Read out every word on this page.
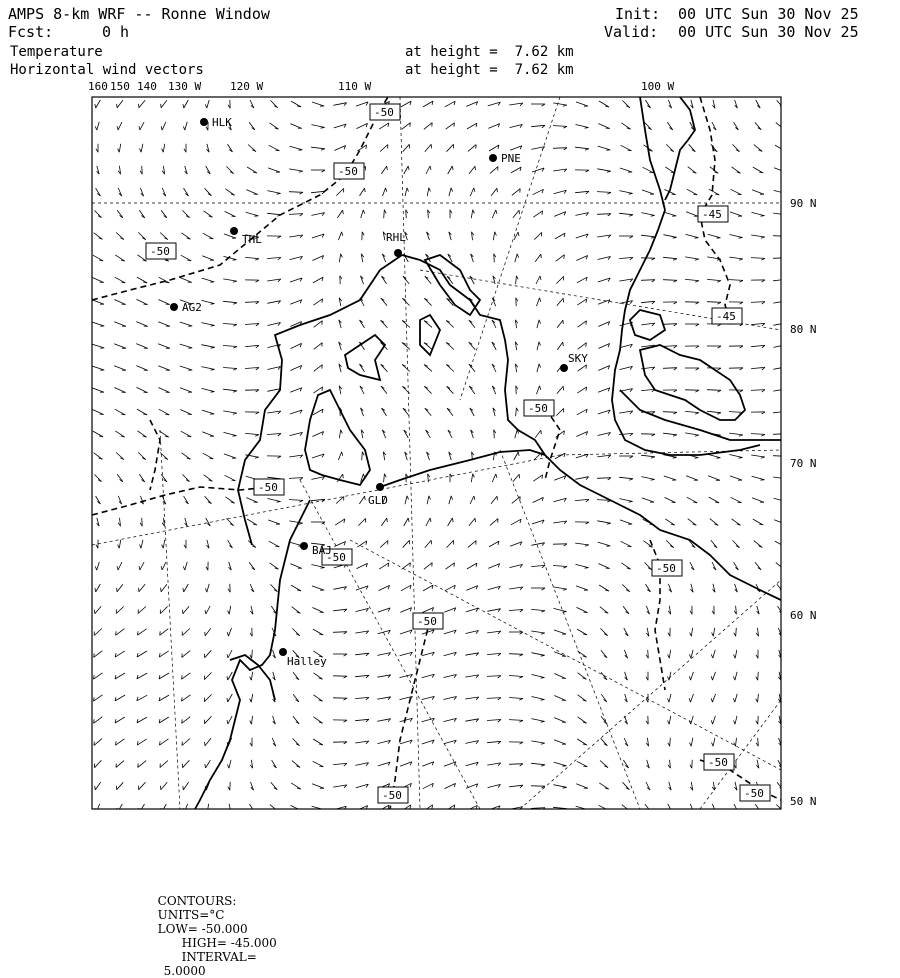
AMPS 8-km WRF -- Ronne Window
Fcst:	0 h
Init: 00 UTC Sun 30 Nov 25
Valid: 00 UTC Sun 30 Nov 25
Temperature
Horizontal wind vectors
at height =  7.62 km
at height =  7.62 km
160 150 140 130 W	120 W	110 W	100 W
90 N
80 N
70 N
60 N
50 N
-50
-50
-45
-50
-45
-50
-50
-50
-50
-50
-50
-50
-50
HLK
PNE
THL	RHL
AG2
SKY
GLD
BAJ
Halley

CONTOURS:
UNITS=°C
LOW= -50.000
HIGH= -45.000
INTERVAL=
5.0000
